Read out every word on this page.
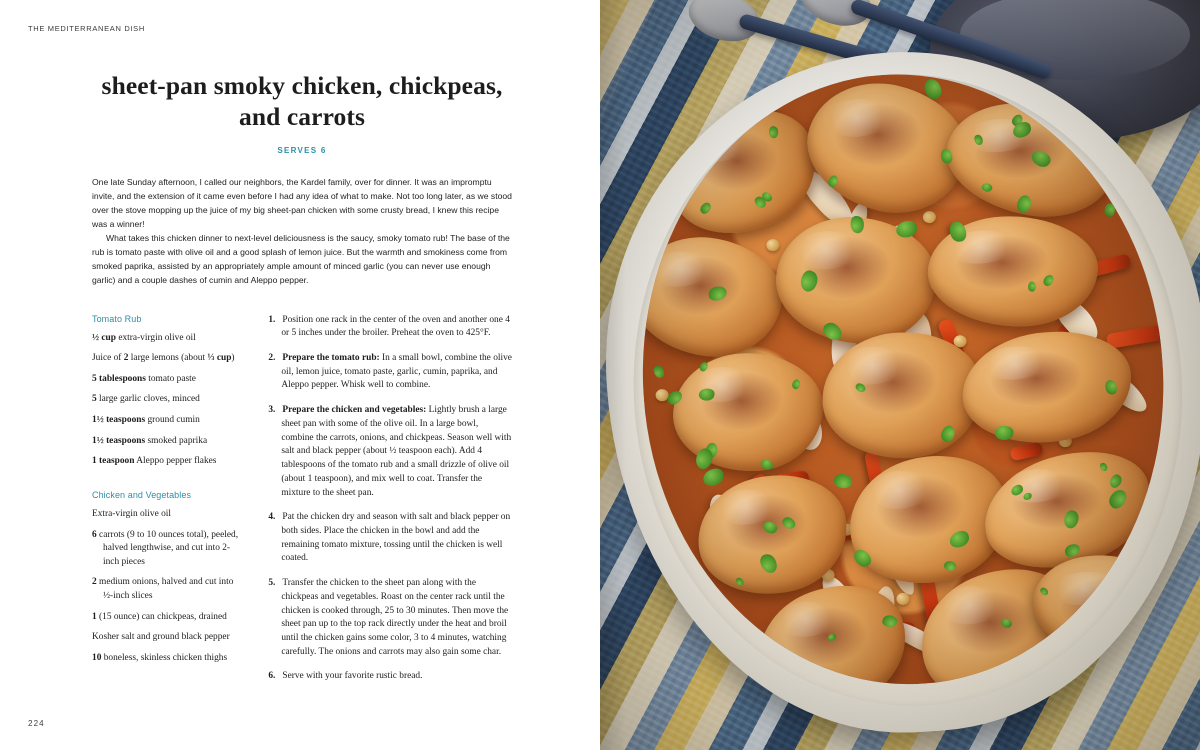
THE MEDITERRANEAN DISH
sheet-pan smoky chicken, chickpeas, and carrots
SERVES 6

One late Sunday afternoon, I called our neighbors, the Kardel family, over for dinner. It was an impromptu invite, and the extension of it came even before I had any idea of what to make. Not too long later, as we stood over the stove mopping up the juice of my big sheet-pan chicken with some crusty bread, I knew this recipe was a winner!

What takes this chicken dinner to next-level deliciousness is the saucy, smoky tomato rub! The base of the rub is tomato paste with olive oil and a good splash of lemon juice. But the warmth and smokiness come from smoked paprika, assisted by an appropriately ample amount of minced garlic (you can never use enough garlic) and a couple dashes of cumin and Aleppo pepper.

Tomato Rub
½ cup extra-virgin olive oil
Juice of 2 large lemons (about ⅓ cup)
5 tablespoons tomato paste
5 large garlic cloves, minced
1½ teaspoons ground cumin
1½ teaspoons smoked paprika
1 teaspoon Aleppo pepper flakes
Chicken and Vegetables
Extra-virgin olive oil
6 carrots (9 to 10 ounces total), peeled, halved lengthwise, and cut into 2-inch pieces
2 medium onions, halved and cut into ½-inch slices
1 (15 ounce) can chickpeas, drained
Kosher salt and ground black pepper
10 boneless, skinless chicken thighs
1. Position one rack in the center of the oven and another one 4 or 5 inches under the broiler. Preheat the oven to 425°F.
2. Prepare the tomato rub: In a small bowl, combine the olive oil, lemon juice, tomato paste, garlic, cumin, paprika, and Aleppo pepper. Whisk well to combine.
3. Prepare the chicken and vegetables: Lightly brush a large sheet pan with some of the olive oil. In a large bowl, combine the carrots, onions, and chickpeas. Season well with salt and black pepper (about ½ teaspoon each). Add 4 tablespoons of the tomato rub and a small drizzle of olive oil (about 1 teaspoon), and mix well to coat. Transfer the mixture to the sheet pan.
4. Pat the chicken dry and season with salt and black pepper on both sides. Place the chicken in the bowl and add the remaining tomato mixture, tossing until the chicken is well coated.
5. Transfer the chicken to the sheet pan along with the chickpeas and vegetables. Roast on the center rack until the chicken is cooked through, 25 to 30 minutes. Then move the sheet pan up to the top rack directly under the heat and broil until the chicken gains some color, 3 to 4 minutes, watching carefully. The onions and carrots may also gain some char.
6. Serve with your favorite rustic bread.
224
